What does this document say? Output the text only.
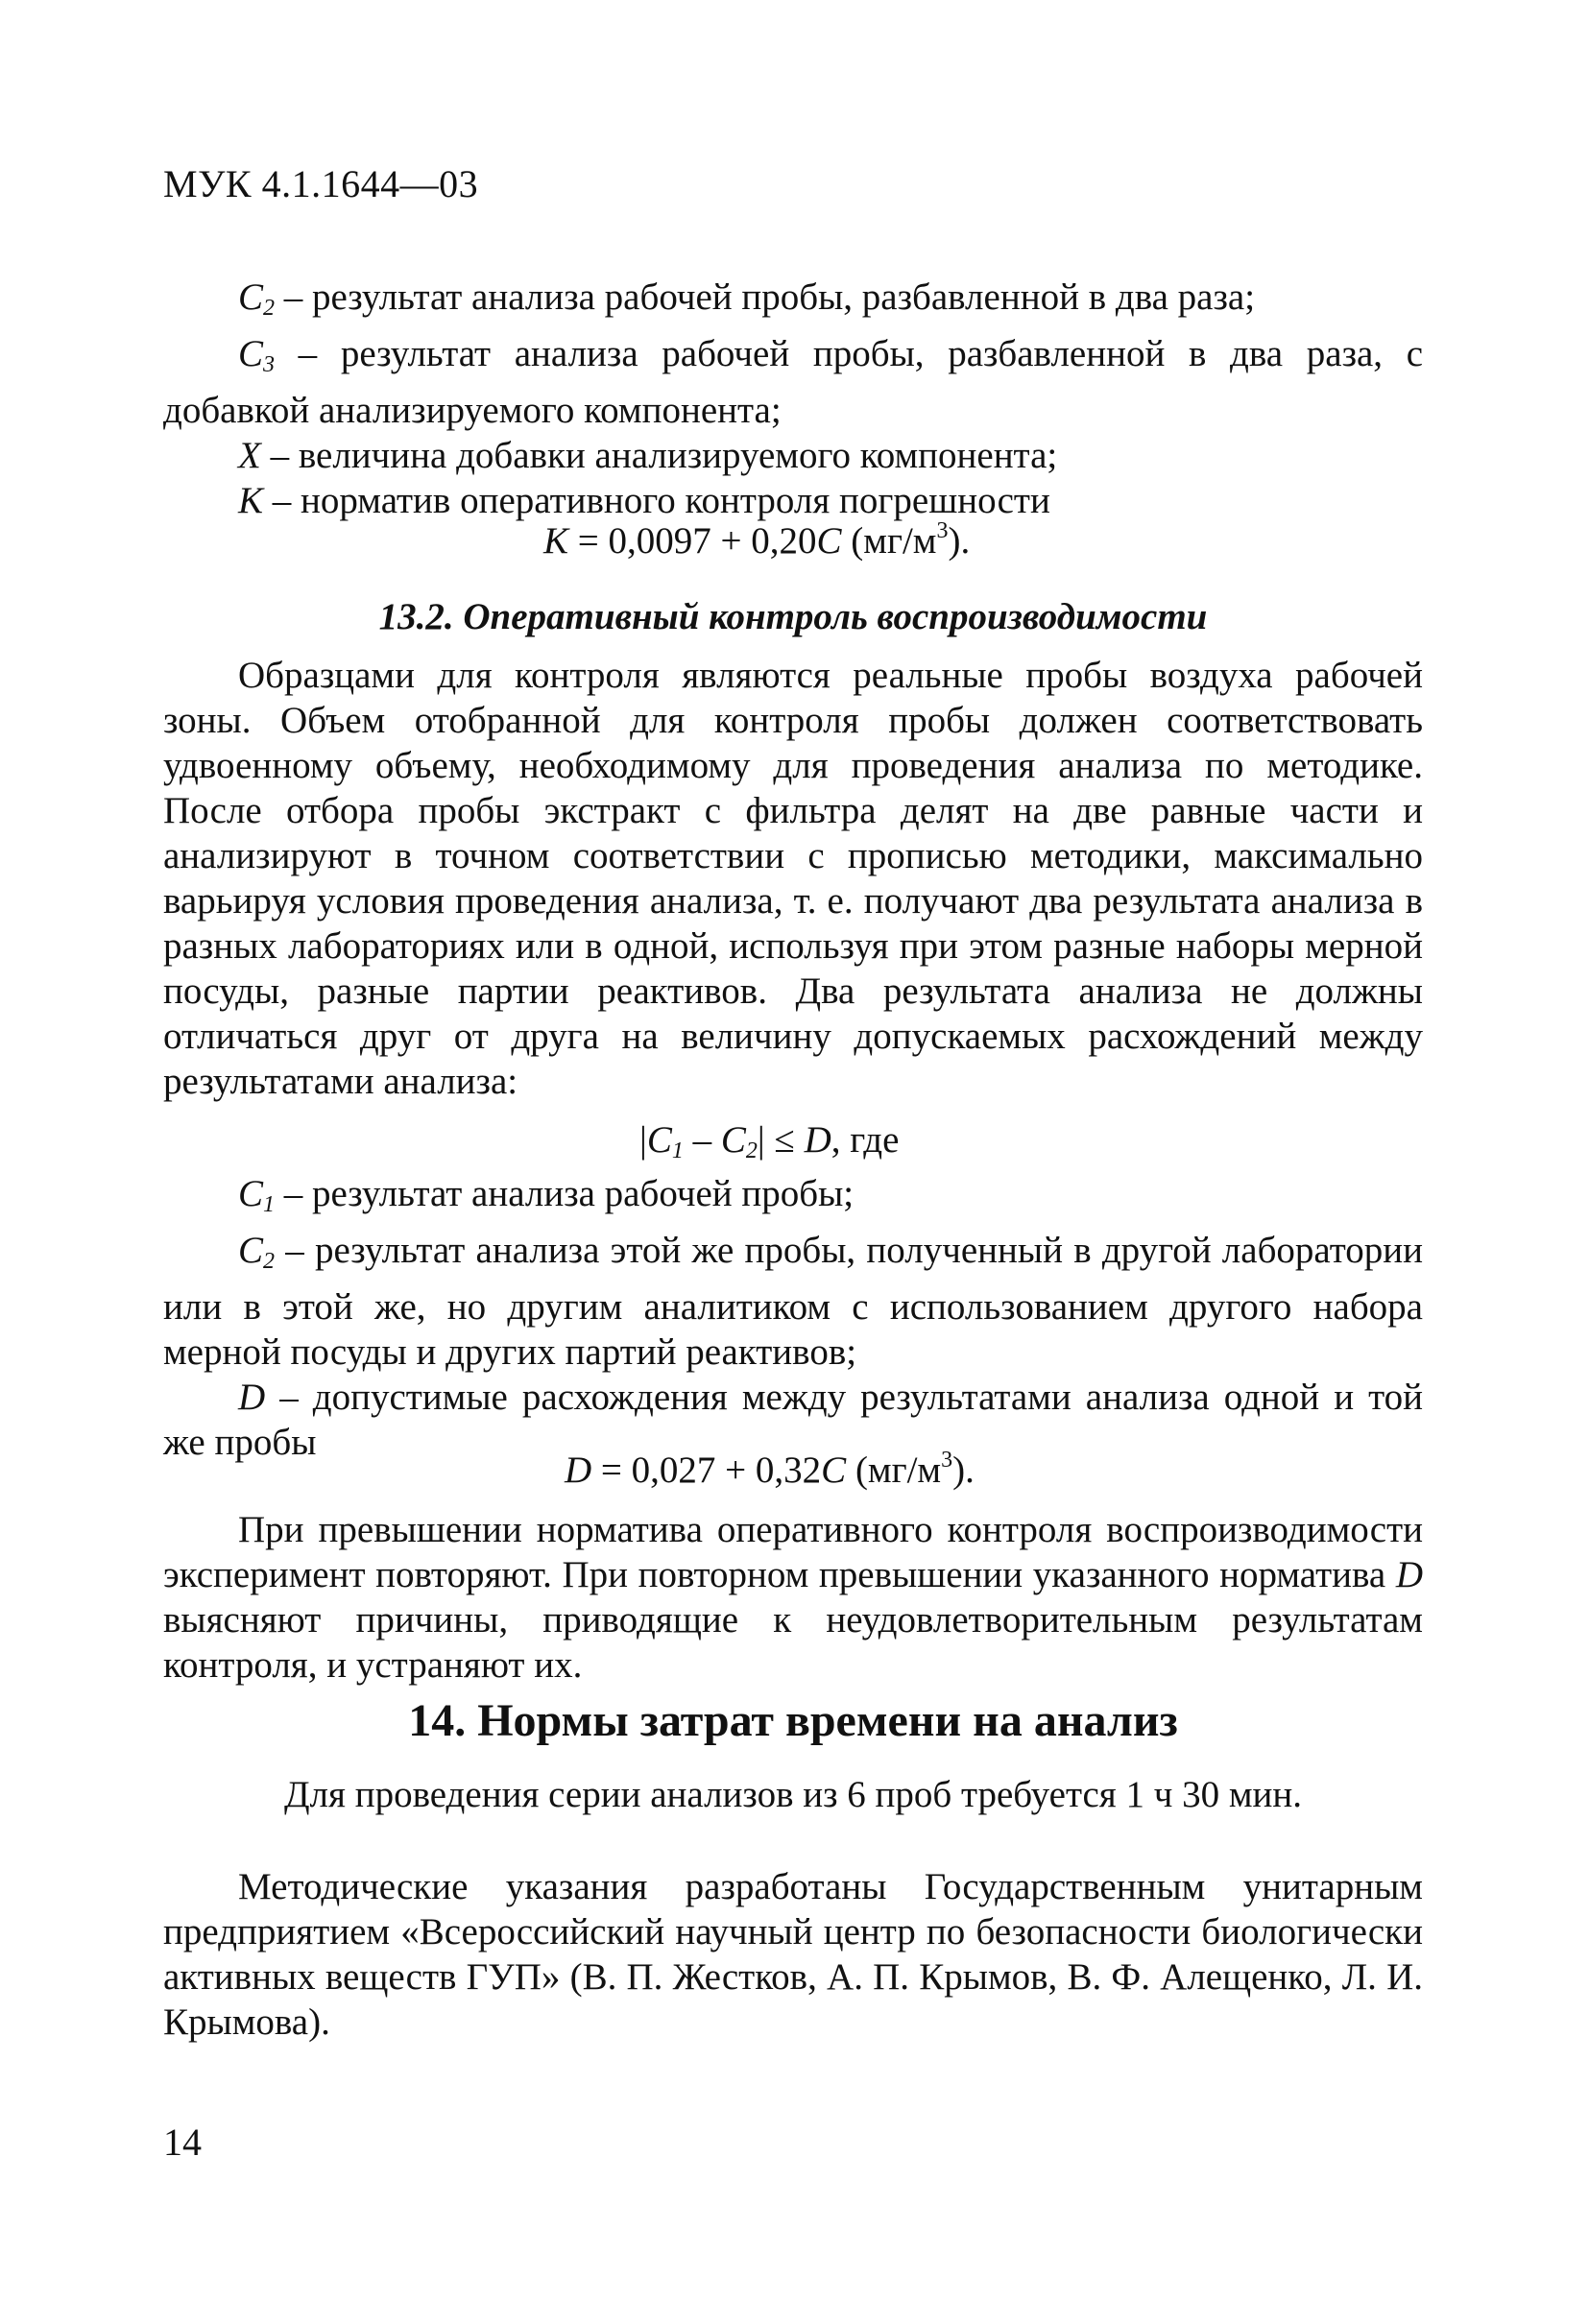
МУК 4.1.1644—03

$C_2$ – результат анализа рабочей пробы, разбавленной в два раза;

$C_3$ – результат анализа рабочей пробы, разбавленной в два раза, с добавкой анализируемого компонента;

X – величина добавки анализируемого компонента;

K – норматив оперативного контроля погрешности

K = 0,0097 + 0,20C $(мг/м^3)$.
13.2. Оперативный контроль воспроизводимости
Образцами для контроля являются реальные пробы воздуха рабочей зоны. Объем отобранной для контроля пробы должен соответствовать удвоенному объему, необходимому для проведения анализа по методике. После отбора пробы экстракт с фильтра делят на две равные части и анализируют в точном соответствии с прописью методики, максимально варьируя условия проведения анализа, т. е. получают два результата анализа в разных лабораториях или в одной, используя при этом разные наборы мерной посуды, разные партии реактивов. Два результата анализа не должны отличаться друг от друга на величину допускаемых расхождений между результатами анализа:
$|C_1 - C_2| \le D$, где

$C_1$ – результат анализа рабочей пробы;

$C_2$ – результат анализа этой же пробы, полученный в другой лаборатории или в этой же, но другим аналитиком с использованием другого набора мерной посуды и других партий реактивов;

D – допустимые расхождения между результатами анализа одной и той же пробы

D = 0,027 + 0,32C $(мг/м^3)$.
При превышении норматива оперативного контроля воспроизводимости эксперимент повторяют. При повторном превышении указанного норматива D выясняют причины, приводящие к неудовлетворительным результатам контроля, и устраняют их.
14. Нормы затрат времени на анализ
Для проведения серии анализов из 6 проб требуется 1 ч 30 мин.
Методические указания разработаны Государственным унитарным предприятием «Всероссийский научный центр по безопасности биологически активных веществ ГУП» (В. П. Жестков, А. П. Крымов, В. Ф. Алещенко, Л. И. Крымова).
14
